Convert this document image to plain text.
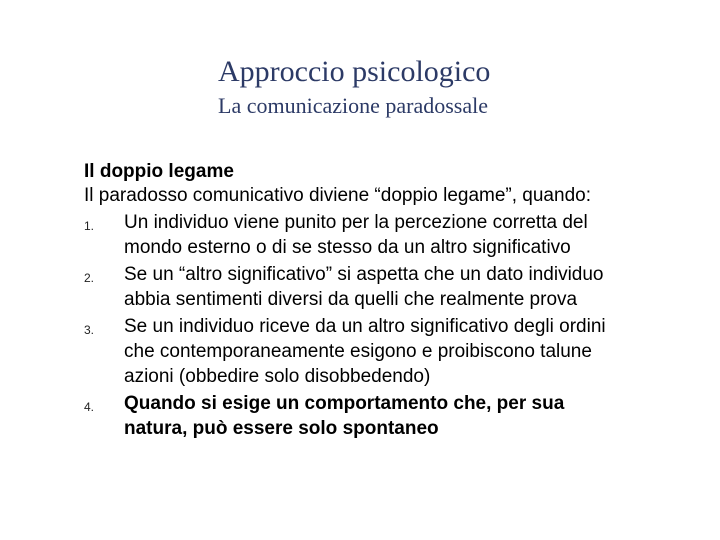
Approccio psicologico
La comunicazione paradossale
Il doppio legame
Il paradosso comunicativo diviene “doppio legame”, quando:
1.	Un individuo viene punito per la percezione corretta del mondo esterno o di se stesso da un altro significativo
2.	Se un “altro significativo” si aspetta che un dato individuo abbia sentimenti diversi da quelli che realmente prova
3.	Se un individuo riceve da un altro significativo degli ordini che contemporaneamente esigono e proibiscono talune azioni (obbedire solo disobbedendo)
4.	Quando si esige un comportamento che, per sua natura, può essere solo spontaneo
